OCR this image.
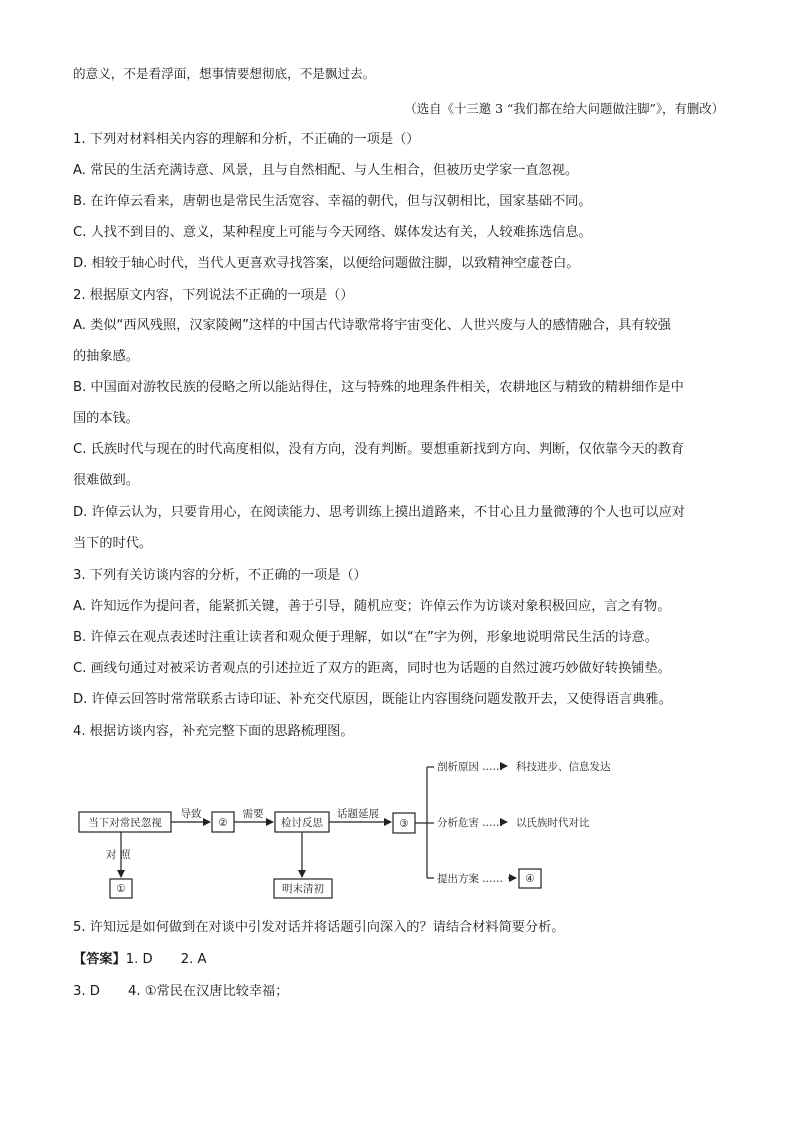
的意义，不是看浮面，想事情要想彻底，不是飘过去。
（选自《十三邀 3 “我们都在给大问题做注脚”》，有删改）
1. 下列对材料相关内容的理解和分析，不正确的一项是（）
A. 常民的生活充满诗意、风景，且与自然相配、与人生相合，但被历史学家一直忽视。
B. 在许倬云看来，唐朝也是常民生活宽容、幸福的朝代，但与汉朝相比，国家基础不同。
C. 人找不到目的、意义，某种程度上可能与今天网络、媒体发达有关，人较难拣选信息。
D. 相较于轴心时代，当代人更喜欢寻找答案，以便给问题做注脚，以致精神空虚苍白。
2. 根据原文内容，下列说法不正确的一项是（）
A. 类似“西风残照，汉家陵阙”这样的中国古代诗歌常将宇宙变化、人世兴废与人的感情融合，具有较强
的抽象感。
B. 中国面对游牧民族的侵略之所以能站得住，这与特殊的地理条件相关，农耕地区与精致的精耕细作是中
国的本钱。
C. 氏族时代与现在的时代高度相似，没有方向，没有判断。要想重新找到方向、判断，仅依靠今天的教育
很难做到。
D. 许倬云认为，只要肯用心，在阅读能力、思考训练上摸出道路来，不甘心且力量微薄的个人也可以应对
当下的时代。
3. 下列有关访谈内容的分析，不正确的一项是（）
A. 许知远作为提问者，能紧抓关键，善于引导，随机应变；许倬云作为访谈对象积极回应，言之有物。
B. 许倬云在观点表述时注重让读者和观众便于理解，如以“在”字为例，形象地说明常民生活的诗意。
C. 画线句通过对被采访者观点的引述拉近了双方的距离，同时也为话题的自然过渡巧妙做好转换铺垫。
D. 许倬云回答时常常联系古诗印证、补充交代原因，既能让内容围绕问题发散开去，又使得语言典雅。
4. 根据访谈内容，补充完整下面的思路梳理图。
当下对常民忽视
导致
②
需要
检讨反思
话题延展
③
对 照
①	明末清初
剖析原因 …… 科技进步、信息发达
分析危害 …… 以氏族时代对比
提出方案 …… ④
5. 许知远是如何做到在对谈中引发对话并将话题引向深入的？请结合材料简要分析。
【答案】1. D 2. A
3. D 4. ①常民在汉唐比较幸福；
